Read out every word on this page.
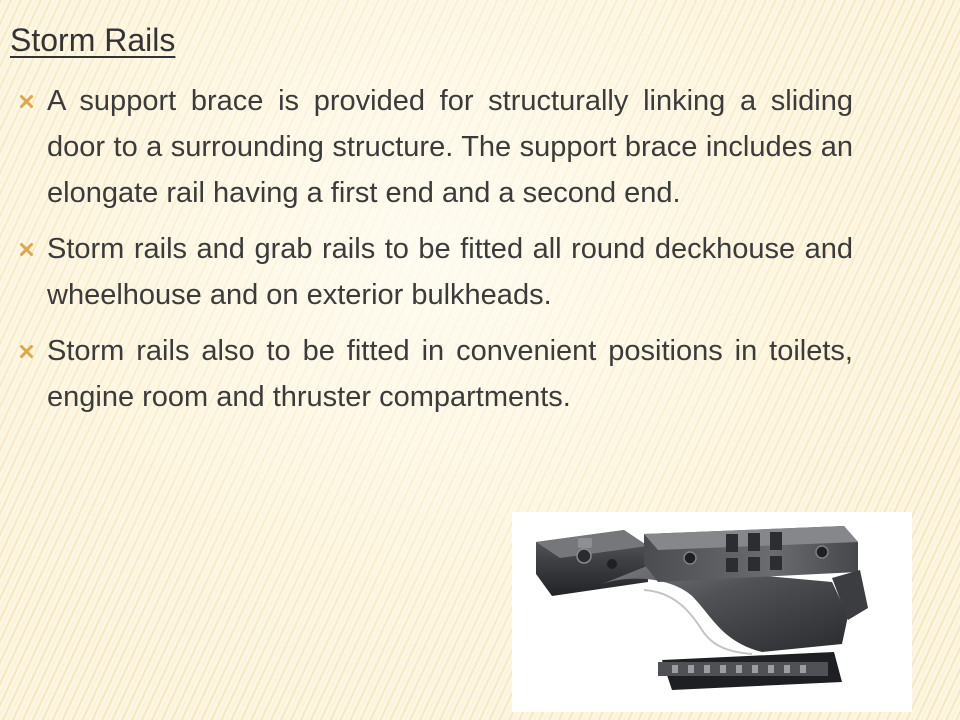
Storm Rails
A support brace is provided for structurally linking a sliding door to a surrounding structure. The support brace includes an elongate rail having a first end and a second end.
Storm rails and grab rails to be fitted all round deckhouse and wheelhouse and on exterior bulkheads.
Storm rails also to be fitted in convenient positions in toilets, engine room and thruster compartments.
